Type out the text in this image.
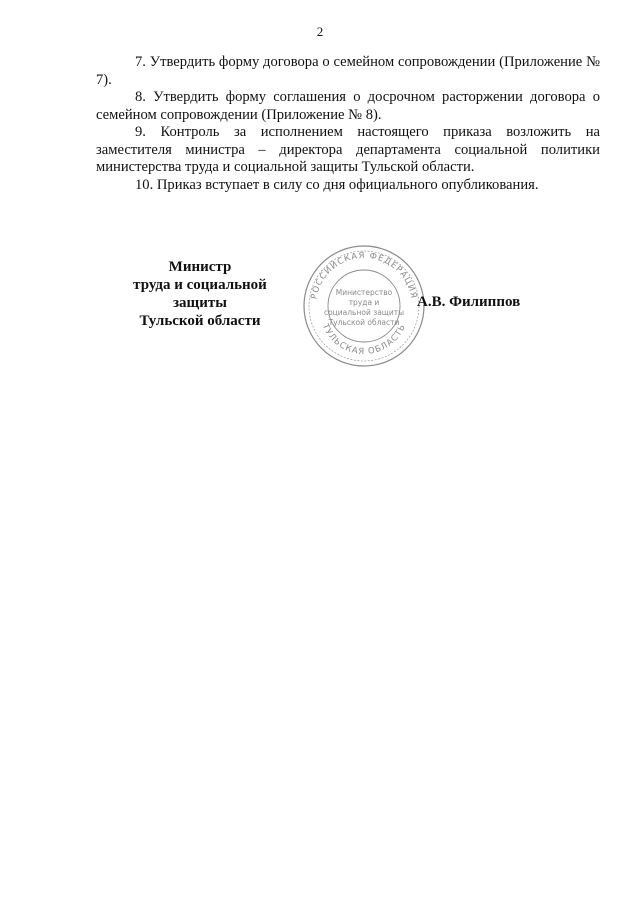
2

7. Утвердить форму договора о семейном сопровождении (Приложение № 7).

8. Утвердить форму соглашения о досрочном расторжении договора о семейном сопровождении (Приложение № 8).

9. Контроль за исполнением настоящего приказа возложить на заместителя министра – директора департамента социальной политики министерства труда и социальной защиты Тульской области.

10. Приказ вступает в силу со дня официального опубликования.

Министр
труда и социальной защиты
Тульской области
РОССИЙСКАЯ ФЕДЕРАЦИЯ
ТУЛЬСКАЯ ОБЛАСТЬ
Министерство
труда и
социальной защиты
Тульской области
А.В. Филиппов
